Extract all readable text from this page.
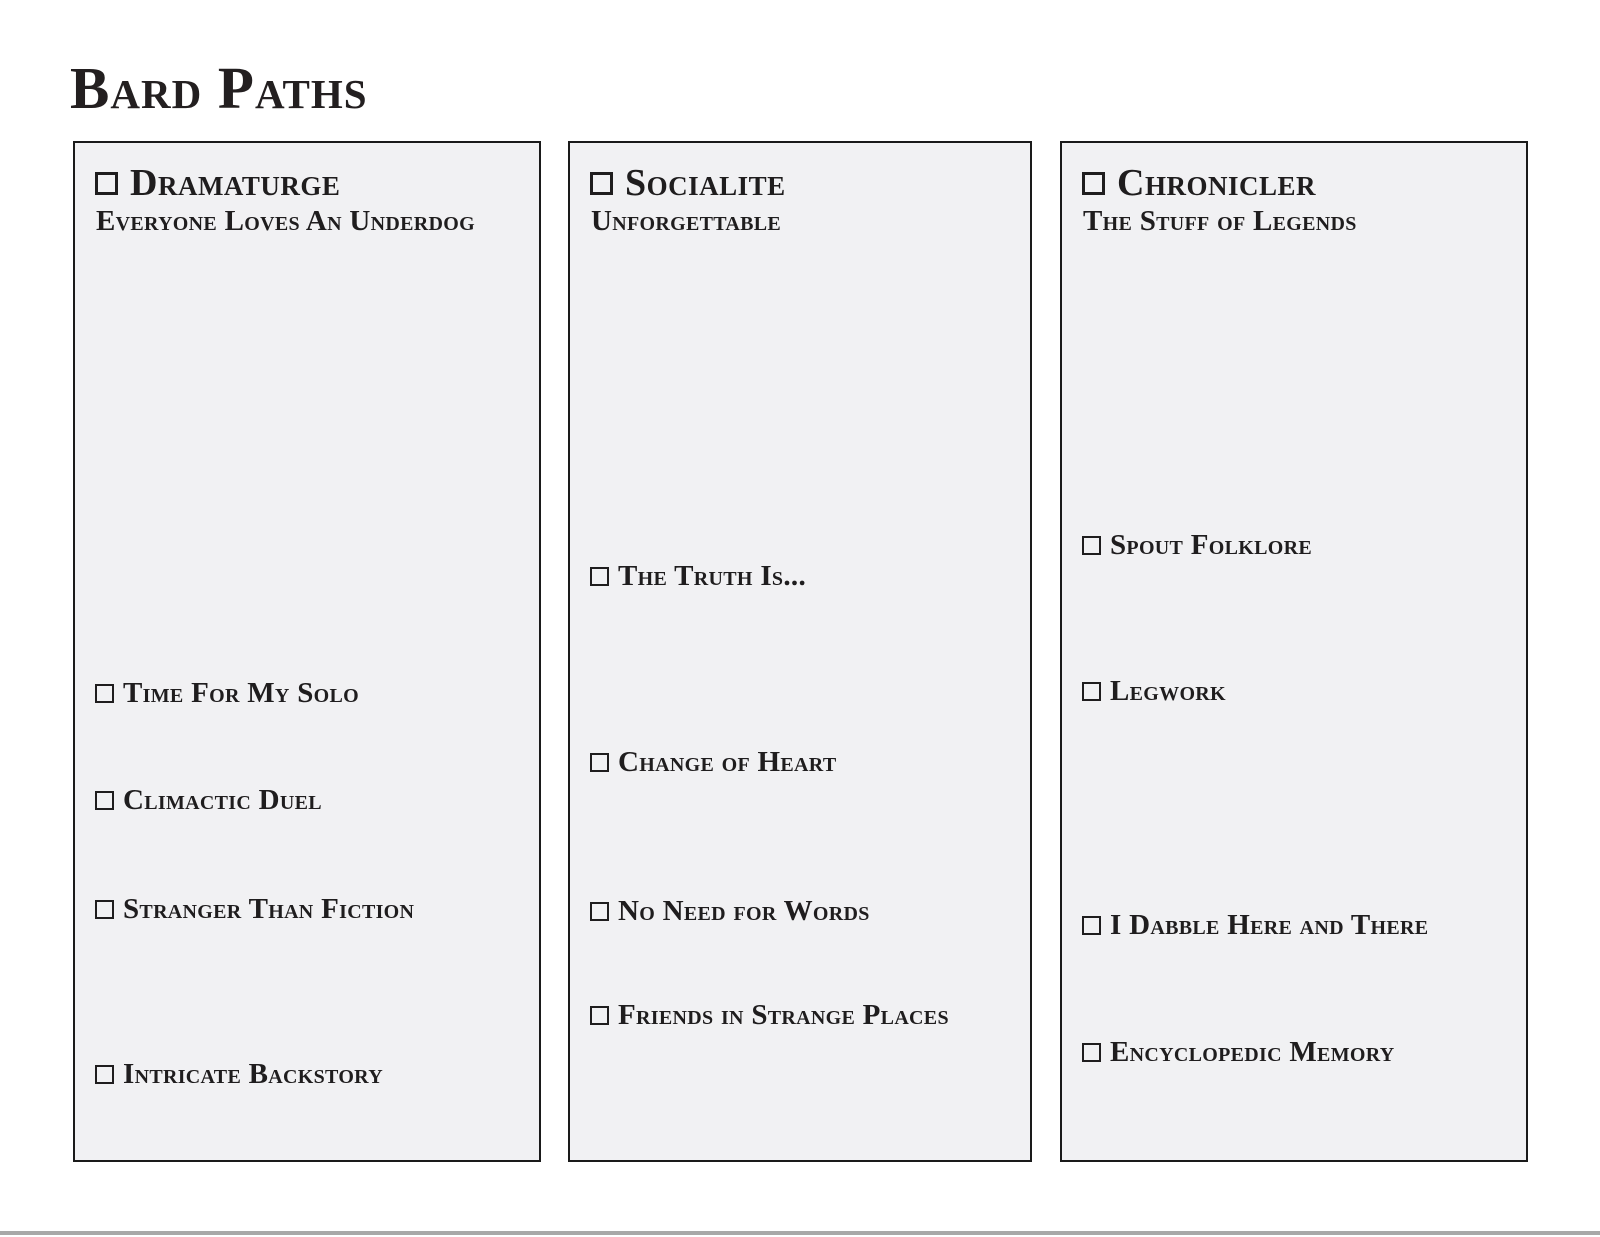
Bard Paths
Dramaturge
Everyone Loves An Underdog
Time For My Solo
Climactic Duel
Stranger Than Fiction
Intricate Backstory
Socialite
Unforgettable
The Truth Is...
Change of Heart
No Need for Words
Friends in Strange Places
Chronicler
The Stuff of Legends
Spout Folklore
Legwork
I Dabble Here and There
Encyclopedic Memory
